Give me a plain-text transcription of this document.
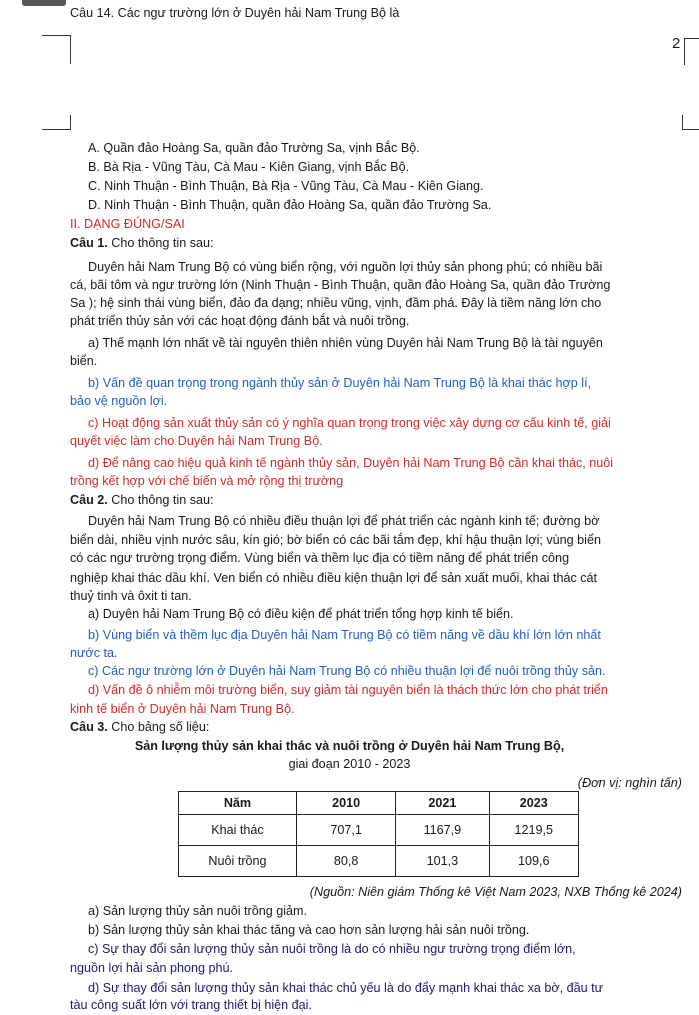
Câu 14. Các ngư trường lớn ở Duyên hải Nam Trung Bộ là
2
A. Quần đảo Hoàng Sa, quần đảo Trường Sa, vịnh Bắc Bộ.
B. Bà Rịa - Vũng Tàu, Cà Mau - Kiên Giang, vịnh Bắc Bộ.
C. Ninh Thuận - Bình Thuận, Bà Rịa - Vũng Tàu, Cà Mau - Kiên Giang.
D. Ninh Thuận - Bình Thuận, quần đảo Hoàng Sa, quần đảo Trường Sa.
II. DẠNG ĐÚNG/SAI
Câu 1. Cho thông tin sau:
Duyên hải Nam Trung Bộ có vùng biển rộng, với nguồn lợi thủy sản phong phú; có nhiều bãi
cá, bãi tôm và ngư trường lớn (Ninh Thuận - Bình Thuận, quần đảo Hoàng Sa, quần đảo Trường
Sa ); hệ sinh thái vùng biển, đảo đa dạng; nhiều vũng, vịnh, đầm phá. Đây là tiềm năng lớn cho
phát triển thủy sản với các hoạt động đánh bắt và nuôi trồng.
a) Thế mạnh lớn nhất về tài nguyên thiên nhiên vùng Duyên hải Nam Trung Bộ là tài nguyên
biển.
b) Vấn đề quan trọng trong ngành thủy sản ở Duyên hải Nam Trung Bộ là khai thác hợp lí,
bảo vệ nguồn lợi.
c) Hoạt động sản xuất thủy sản có ý nghĩa quan trọng trong việc xây dựng cơ cấu kinh tế, giải
quyết việc làm cho Duyên hải Nam Trung Bộ.
d) Để nâng cao hiệu quả kinh tế ngành thủy sản, Duyên hải Nam Trung Bộ cần khai thác, nuôi
trồng kết hợp với chế biến và mở rộng thị trường
Câu 2. Cho thông tin sau:
Duyên hải Nam Trung Bộ có nhiều điều thuận lợi để phát triển các ngành kinh tế; đường bờ
biển dài, nhiều vịnh nước sâu, kín gió; bờ biển có các bãi tắm đẹp, khí hậu thuận lợi; vùng biển
có các ngư trường trọng điểm. Vùng biển và thềm lục địa có tiềm năng để phát triển công
nghiệp khai thác dầu khí. Ven biển có nhiều điều kiện thuận lợi để sản xuất muối, khai thác cát
thuỷ tinh và ôxit ti tan.
a) Duyên hải Nam Trung Bộ có điều kiện để phát triển tổng hợp kinh tế biển.
b) Vùng biển và thềm lục địa Duyên hải Nam Trung Bộ có tiềm năng về dầu khí lớn lớn nhất
nước ta.
c) Các ngư trường lớn ở Duyên hải Nam Trung Bộ có nhiều thuận lợi để nuôi trồng thủy sản.
d) Vấn đề ô nhiễm môi trường biển, suy giảm tài nguyên biển là thách thức lớn cho phát triển
kinh tế biển ở Duyên hải Nam Trung Bộ.
Câu 3. Cho bảng số liệu:
Sản lượng thủy sản khai thác và nuôi trồng ở Duyên hải Nam Trung Bộ,
giai đoạn 2010 - 2023
(Đơn vị: nghìn tấn)
Năm	2010	2021	2023
Khai thác	707,1	1167,9	1219,5
Nuôi trồng	80,8	101,3	109,6
(Nguồn: Niên giám Thống kê Việt Nam 2023, NXB Thống kê 2024)
a) Sản lượng thủy sản nuôi trồng giảm.
b) Sản lượng thủy sản khai thác tăng và cao hơn sản lượng hải sản nuôi trồng.
c) Sự thay đổi sản lượng thủy sản nuôi trồng là do có nhiều ngư trường trọng điểm lớn,
nguồn lợi hải sản phong phú.
d) Sự thay đổi sản lượng thủy sản khai thác chủ yếu là do đẩy mạnh khai thác xa bờ, đầu tư
tàu công suất lớn với trang thiết bị hiện đại.
